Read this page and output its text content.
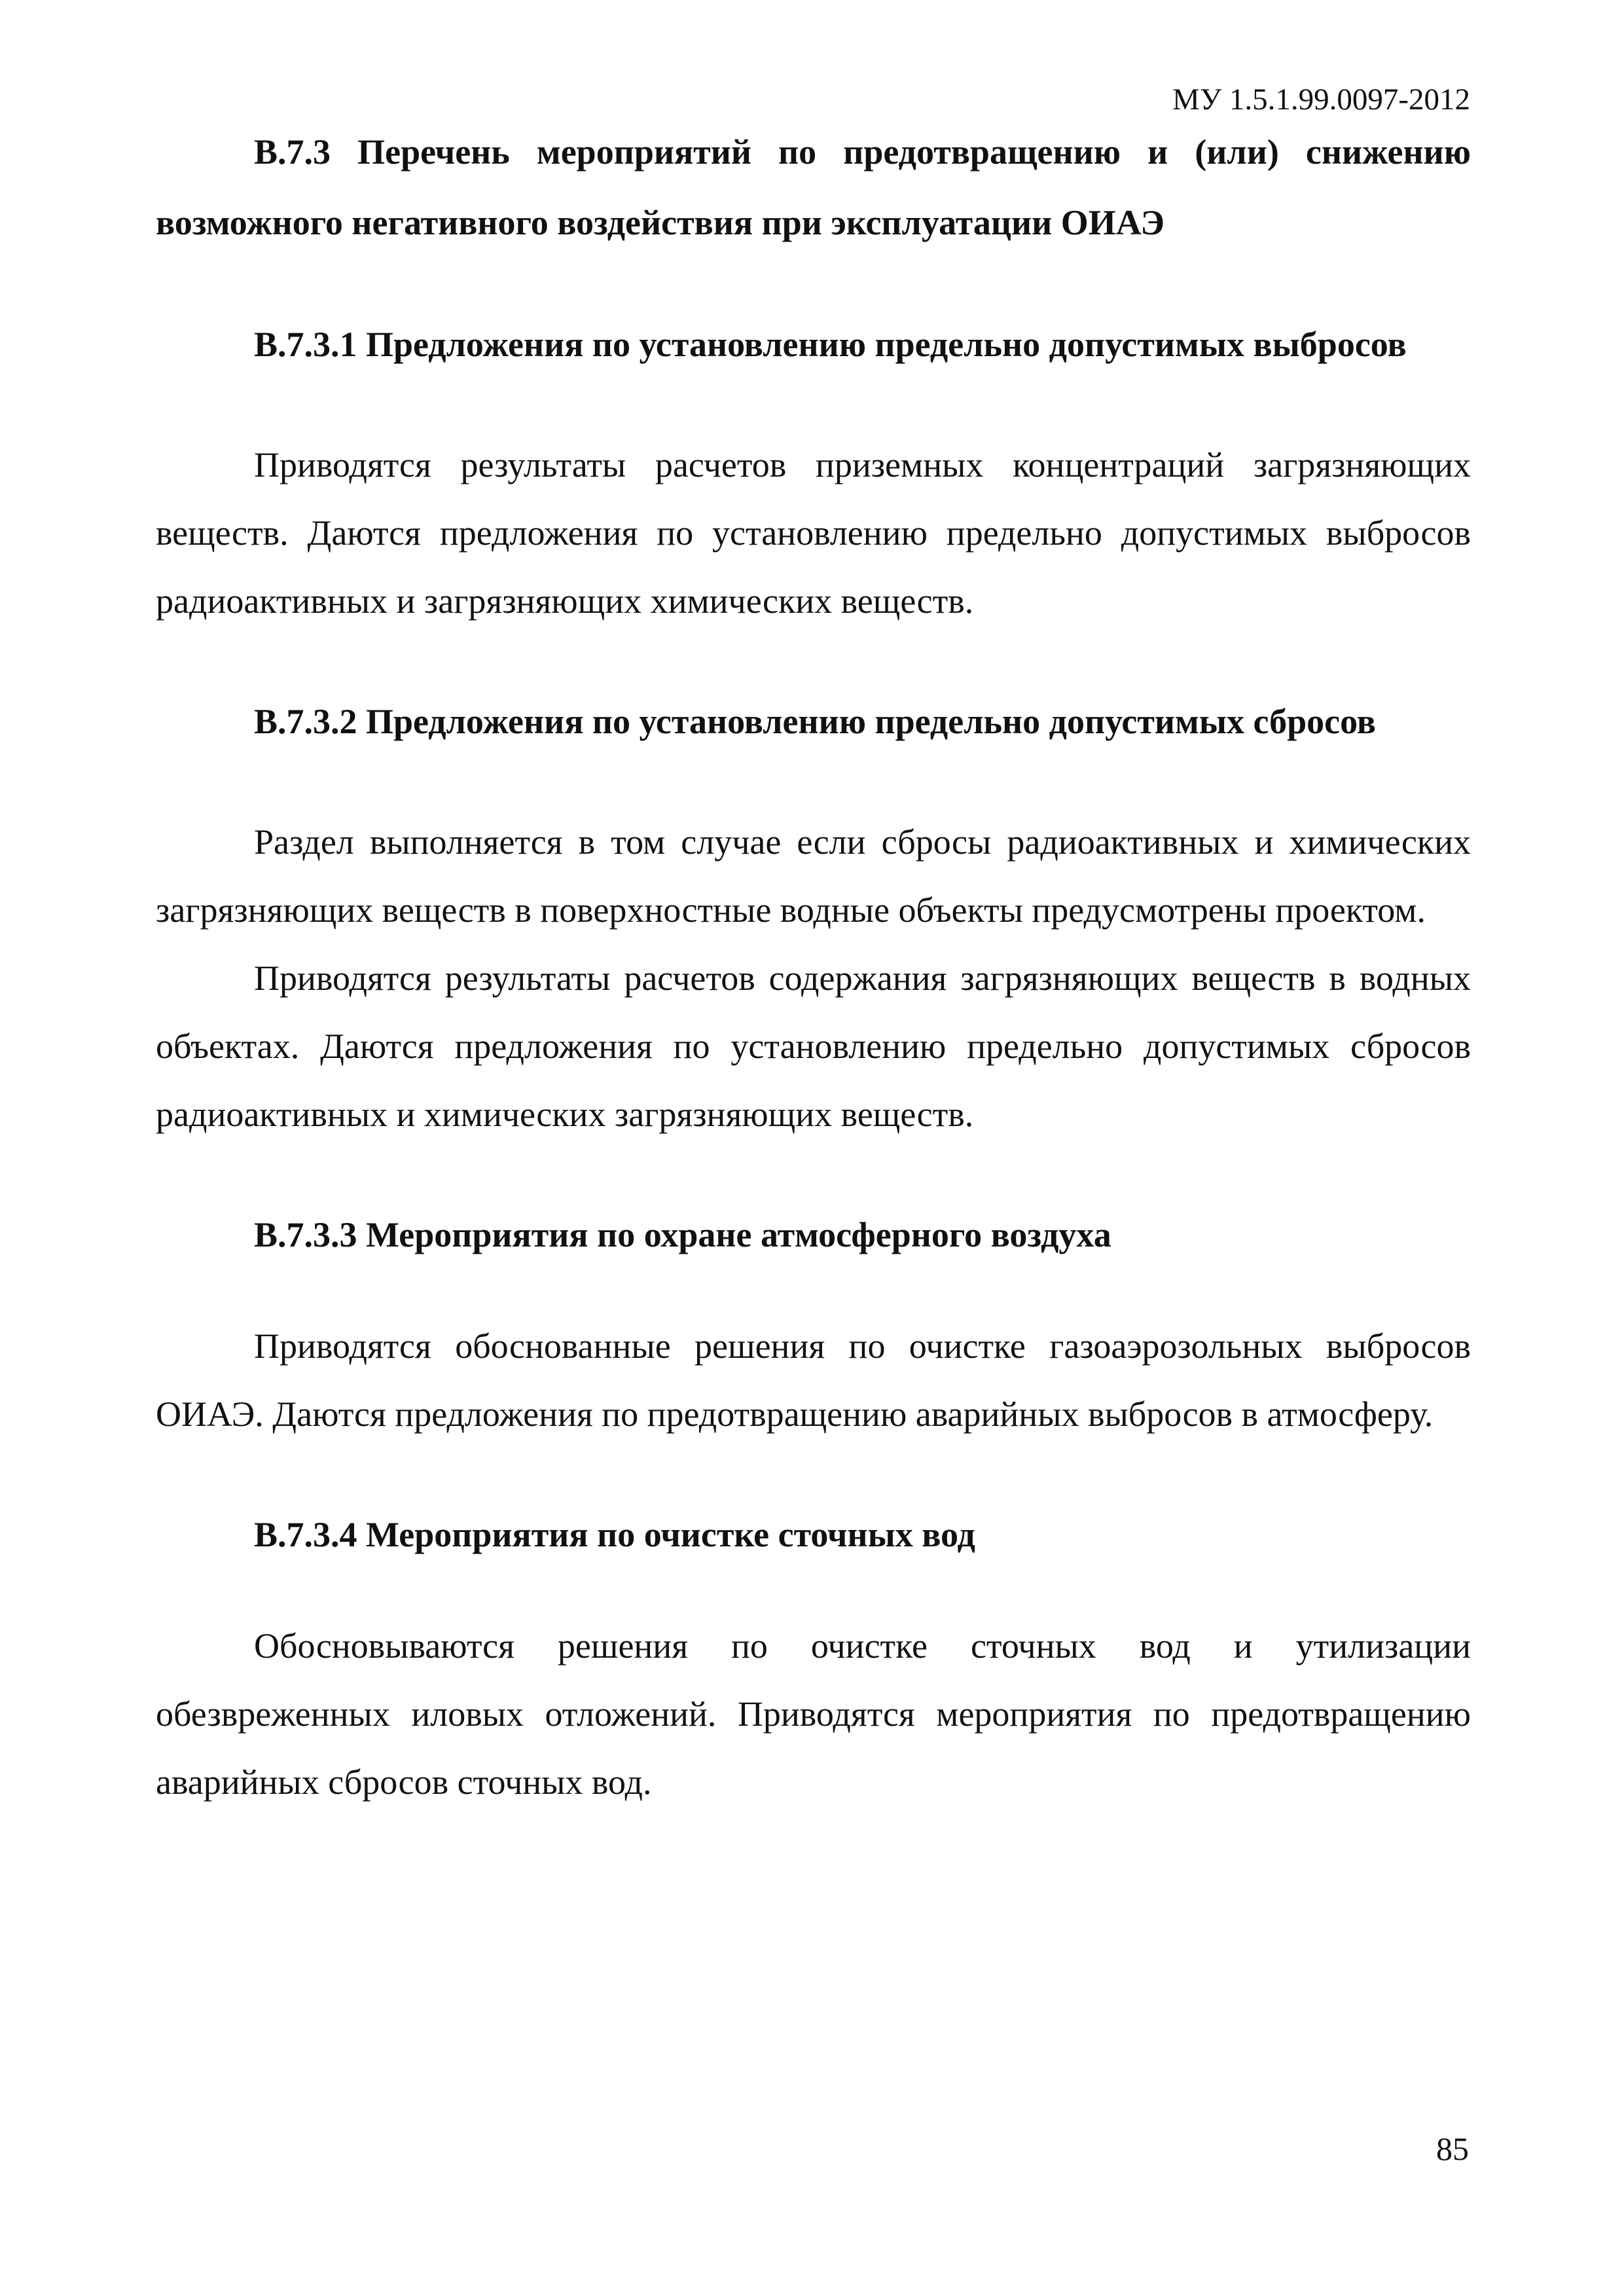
МУ 1.5.1.99.0097-2012

В.7.3 Перечень мероприятий по предотвращению и (или) снижению возможного негативного воздействия при эксплуатации ОИАЭ

В.7.3.1 Предложения по установлению предельно допустимых выбросов

Приводятся результаты расчетов приземных концентраций загрязняющих веществ. Даются предложения по установлению предельно допустимых выбросов радиоактивных и загрязняющих химических веществ.

В.7.3.2 Предложения по установлению предельно допустимых сбросов

Раздел выполняется в том случае если сбросы радиоактивных и химических загрязняющих веществ в поверхностные водные объекты предусмотрены проектом.

Приводятся результаты расчетов содержания загрязняющих веществ в водных объектах. Даются предложения по установлению предельно допустимых сбросов радиоактивных и химических загрязняющих веществ.

В.7.3.3 Мероприятия по охране атмосферного воздуха

Приводятся обоснованные решения по очистке газоаэрозольных выбросов ОИАЭ. Даются предложения по предотвращению аварийных выбросов в атмосферу.

В.7.3.4 Мероприятия по очистке сточных вод

Обосновываются решения по очистке сточных вод и утилизации обезвреженных иловых отложений. Приводятся мероприятия по предотвращению аварийных сбросов сточных вод.

85
